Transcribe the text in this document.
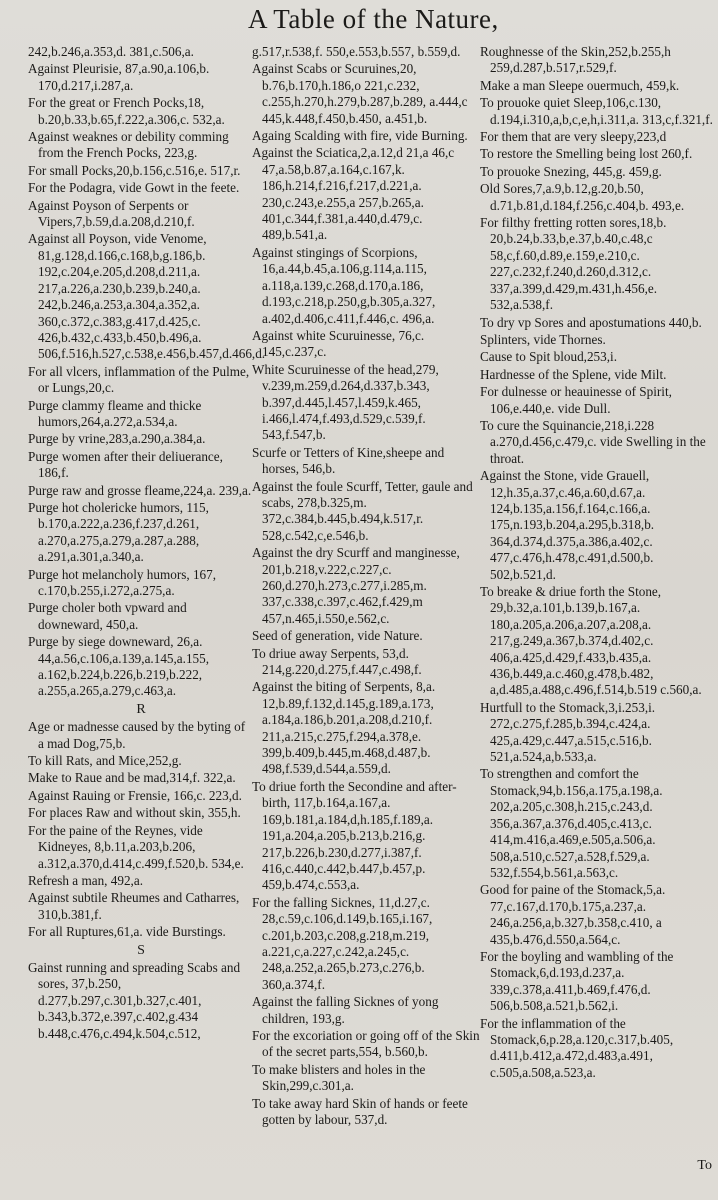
A Table of the Nature,
242,b.246,a.353,d. 381,c.506,a.
Against Pleurisie, 87,a.90,a.106,b. 170,d.217,i.287,a.
For the great or French Pocks,18, b.20,b.33,b.65,f.222,a.306,c. 532,a.
Against weaknes or debility comming from the French Pocks, 223,g.
For small Pocks,20,b.156,c.516,e. 517,r.
For the Podagra, vide Gowt in the feete.
Against Poyson of Serpents or Vipers,7,b.59,d.a.208,d.210,f.
Against all Poyson, vide Venome, 81,g.128,d.166,c.168,b,g.186,b. 192,c.204,e.205,d.208,d.211,a. 217,a.226,a.230,b.239,b.240,a. 242,b.246,a.253,a.304,a.352,a. 360,c.372,c.383,g.417,d.425,c. 426,b.432,c.433,b.450,b.496,a. 506,f.516,h.527,c.538,e.456,b.457,d.466,d.
For all vlcers, inflammation of the Pulme, or Lungs,20,c.
Purge clammy fleame and thicke humors,264,a.272,a.534,a.
Purge by vrine,283,a.290,a.384,a.
Purge women after their deliuerance, 186,f.
Purge raw and grosse fleame,224,a. 239,a.
Purge hot cholericke humors, 115, b.170,a.222,a.236,f.237,d.261, a.270,a.275,a.279,a.287,a.288, a.291,a.301,a.340,a.
Purge hot melancholy humors, 167, c.170,b.255,i.272,a.275,a.
Purge choler both vpward and downeward, 450,a.
Purge by siege downeward, 26,a. 44,a.56,c.106,a.139,a.145,a.155, a.162,b.224,b.226,b.219,b.222, a.255,a.265,a.279,c.463,a.
R
Age or madnesse caused by the byting of a mad Dog,75,b.
To kill Rats, and Mice,252,g.
Make to Raue and be mad,314,f. 322,a.
Against Rauing or Frensie, 166,c. 223,d.
For places Raw and without skin, 355,h.
For the paine of the Reynes, vide Kidneyes, 8,b.11,a.203,b.206, a.312,a.370,d.414,c.499,f.520,b. 534,e.
Refresh a man, 492,a.
Against subtile Rheumes and Catharres, 310,b.381,f.
For all Ruptures,61,a. vide Burstings.
S
Gainst running and spreading Scabs and sores, 37,b.250, d.277,b.297,c.301,b.327,c.401, b.343,b.372,e.397,c.402,g.434 b.448,c.476,c.494,k.504,c.512,
g.517,r.538,f. 550,e.553,b.557, b.559,d.
Against Scabs or Scuruines,20, b.76,b.170,h.186,o 221,c.232, c.255,h.270,h.279,b.287,b.289, a.444,c 445,k.448,f.450,b.450, a.451,b.
Againg Scalding with fire, vide Burning.
Against the Sciatica,2,a.12,d 21,a 46,c 47,a.58,b.87,a.164,c.167,k. 186,h.214,f.216,f.217,d.221,a. 230,c.243,e.255,a 257,b.265,a. 401,c.344,f.381,a.440,d.479,c. 489,b.541,a.
Against stingings of Scorpions, 16,a.44,b.45,a.106,g.114,a.115, a.118,a.139,c.268,d.170,a.186, d.193,c.218,p.250,g,b.305,a.327, a.402,d.406,c.411,f.446,c. 496,a.
Against white Scuruinesse, 76,c. 145,c.237,c.
White Scuruinesse of the head,279, v.239,m.259,d.264,d.337,b.343, b.397,d.445,l.457,l.459,k.465, i.466,l.474,f.493,d.529,c.539,f. 543,f.547,b.
Scurfe or Tetters of Kine,sheepe and horses, 546,b.
Against the foule Scurff, Tetter, gaule and scabs, 278,b.325,m. 372,c.384,b.445,b.494,k.517,r. 528,c.542,c,e.546,b.
Against the dry Scurff and manginesse, 201,b.218,v.222,c.227,c. 260,d.270,h.273,c.277,i.285,m. 337,c.338,c.397,c.462,f.429,m 457,n.465,i.550,e.562,c.
Seed of generation, vide Nature.
To driue away Serpents, 53,d. 214,g.220,d.275,f.447,c.498,f.
Against the biting of Serpents, 8,a. 12,b.89,f.132,d.145,g.189,a.173, a.184,a.186,b.201,a.208,d.210,f. 211,a.215,c.275,f.294,a.378,e. 399,b.409,b.445,m.468,d.487,b. 498,f.539,d.544,a.559,d.
To driue forth the Secondine and after-birth, 117,b.164,a.167,a. 169,b.181,a.184,d,h.185,f.189,a. 191,a.204,a.205,b.213,b.216,g. 217,b.226,b.230,d.277,i.387,f. 416,c.440,c.442,b.447,b.457,p. 459,b.474,c.553,a.
For the falling Sicknes, 11,d.27,c. 28,c.59,c.106,d.149,b.165,i.167, c.201,b.203,c.208,g.218,m.219, a.221,c,a.227,c.242,a.245,c. 248,a.252,a.265,b.273,c.276,b. 360,a.374,f.
Against the falling Sicknes of yong children, 193,g.
For the excoriation or going off of the Skin of the secret parts,554, b.560,b.
To make blisters and holes in the Skin,299,c.301,a.
To take away hard Skin of hands or feete gotten by labour, 537,d.
Roughnesse of the Skin,252,b.255,h 259,d.287,b.517,r.529,f.
Make a man Sleepe ouermuch, 459,k.
To prouoke quiet Sleep,106,c.130, d.194,i.310,a,b,c,e,h,i.311,a. 313,c,f.321,f.
For them that are very sleepy,223,d
To restore the Smelling being lost 260,f.
To prouoke Snezing, 445,g. 459,g.
Old Sores,7,a.9,b.12,g.20,b.50, d.71,b.81,d.184,f.256,c.404,b. 493,e.
For filthy fretting rotten sores,18,b. 20,b.24,b.33,b,e.37,b.40,c.48,c 58,c,f.60,d.89,e.159,e.210,c. 227,c.232,f.240,d.260,d.312,c. 337,a.399,d.429,m.431,h.456,e. 532,a.538,f.
To dry vp Sores and apostumations 440,b.
Splinters, vide Thornes.
Cause to Spit bloud,253,i.
Hardnesse of the Splene, vide Milt.
For dulnesse or heauinesse of Spirit, 106,e.440,e. vide Dull.
To cure the Squinancie,218,i.228 a.270,d.456,c.479,c. vide Swelling in the throat.
Against the Stone, vide Grauell, 12,h.35,a.37,c.46,a.60,d.67,a. 124,b.135,a.156,f.164,c.166,a. 175,n.193,b.204,a.295,b.318,b. 364,d.374,d.375,a.386,a.402,c. 477,c.476,h.478,c.491,d.500,b. 502,b.521,d.
To breake & driue forth the Stone, 29,b.32,a.101,b.139,b.167,a. 180,a.205,a.206,a.207,a.208,a. 217,g.249,a.367,b.374,d.402,c. 406,a.425,d.429,f.433,b.435,a. 436,b.449,a.c.460,g.478,b.482, a,d.485,a.488,c.496,f.514,b.519 c.560,a.
Hurtfull to the Stomack,3,i.253,i. 272,c.275,f.285,b.394,c.424,a. 425,a.429,c.447,a.515,c.516,b. 521,a.524,a,b.533,a.
To strengthen and comfort the Stomack,94,b.156,a.175,a.198,a. 202,a.205,c.308,h.215,c.243,d. 356,a.367,a.376,d.405,c.413,c. 414,m.416,a.469,e.505,a.506,a. 508,a.510,c.527,a.528,f.529,a. 532,f.554,b.561,a.563,c.
Good for paine of the Stomack,5,a. 77,c.167,d.170,b.175,a.237,a. 246,a.256,a,b.327,b.358,c.410, a 435,b.476,d.550,a.564,c.
For the boyling and wambling of the Stomack,6,d.193,d.237,a. 339,c.378,a.411,b.469,f.476,d. 506,b.508,a.521,b.562,i.
For the inflammation of the Stomack,6,p.28,a.120,c.317,b.405, d.411,b.412,a.472,d.483,a.491, c.505,a.508,a.523,a.
To
